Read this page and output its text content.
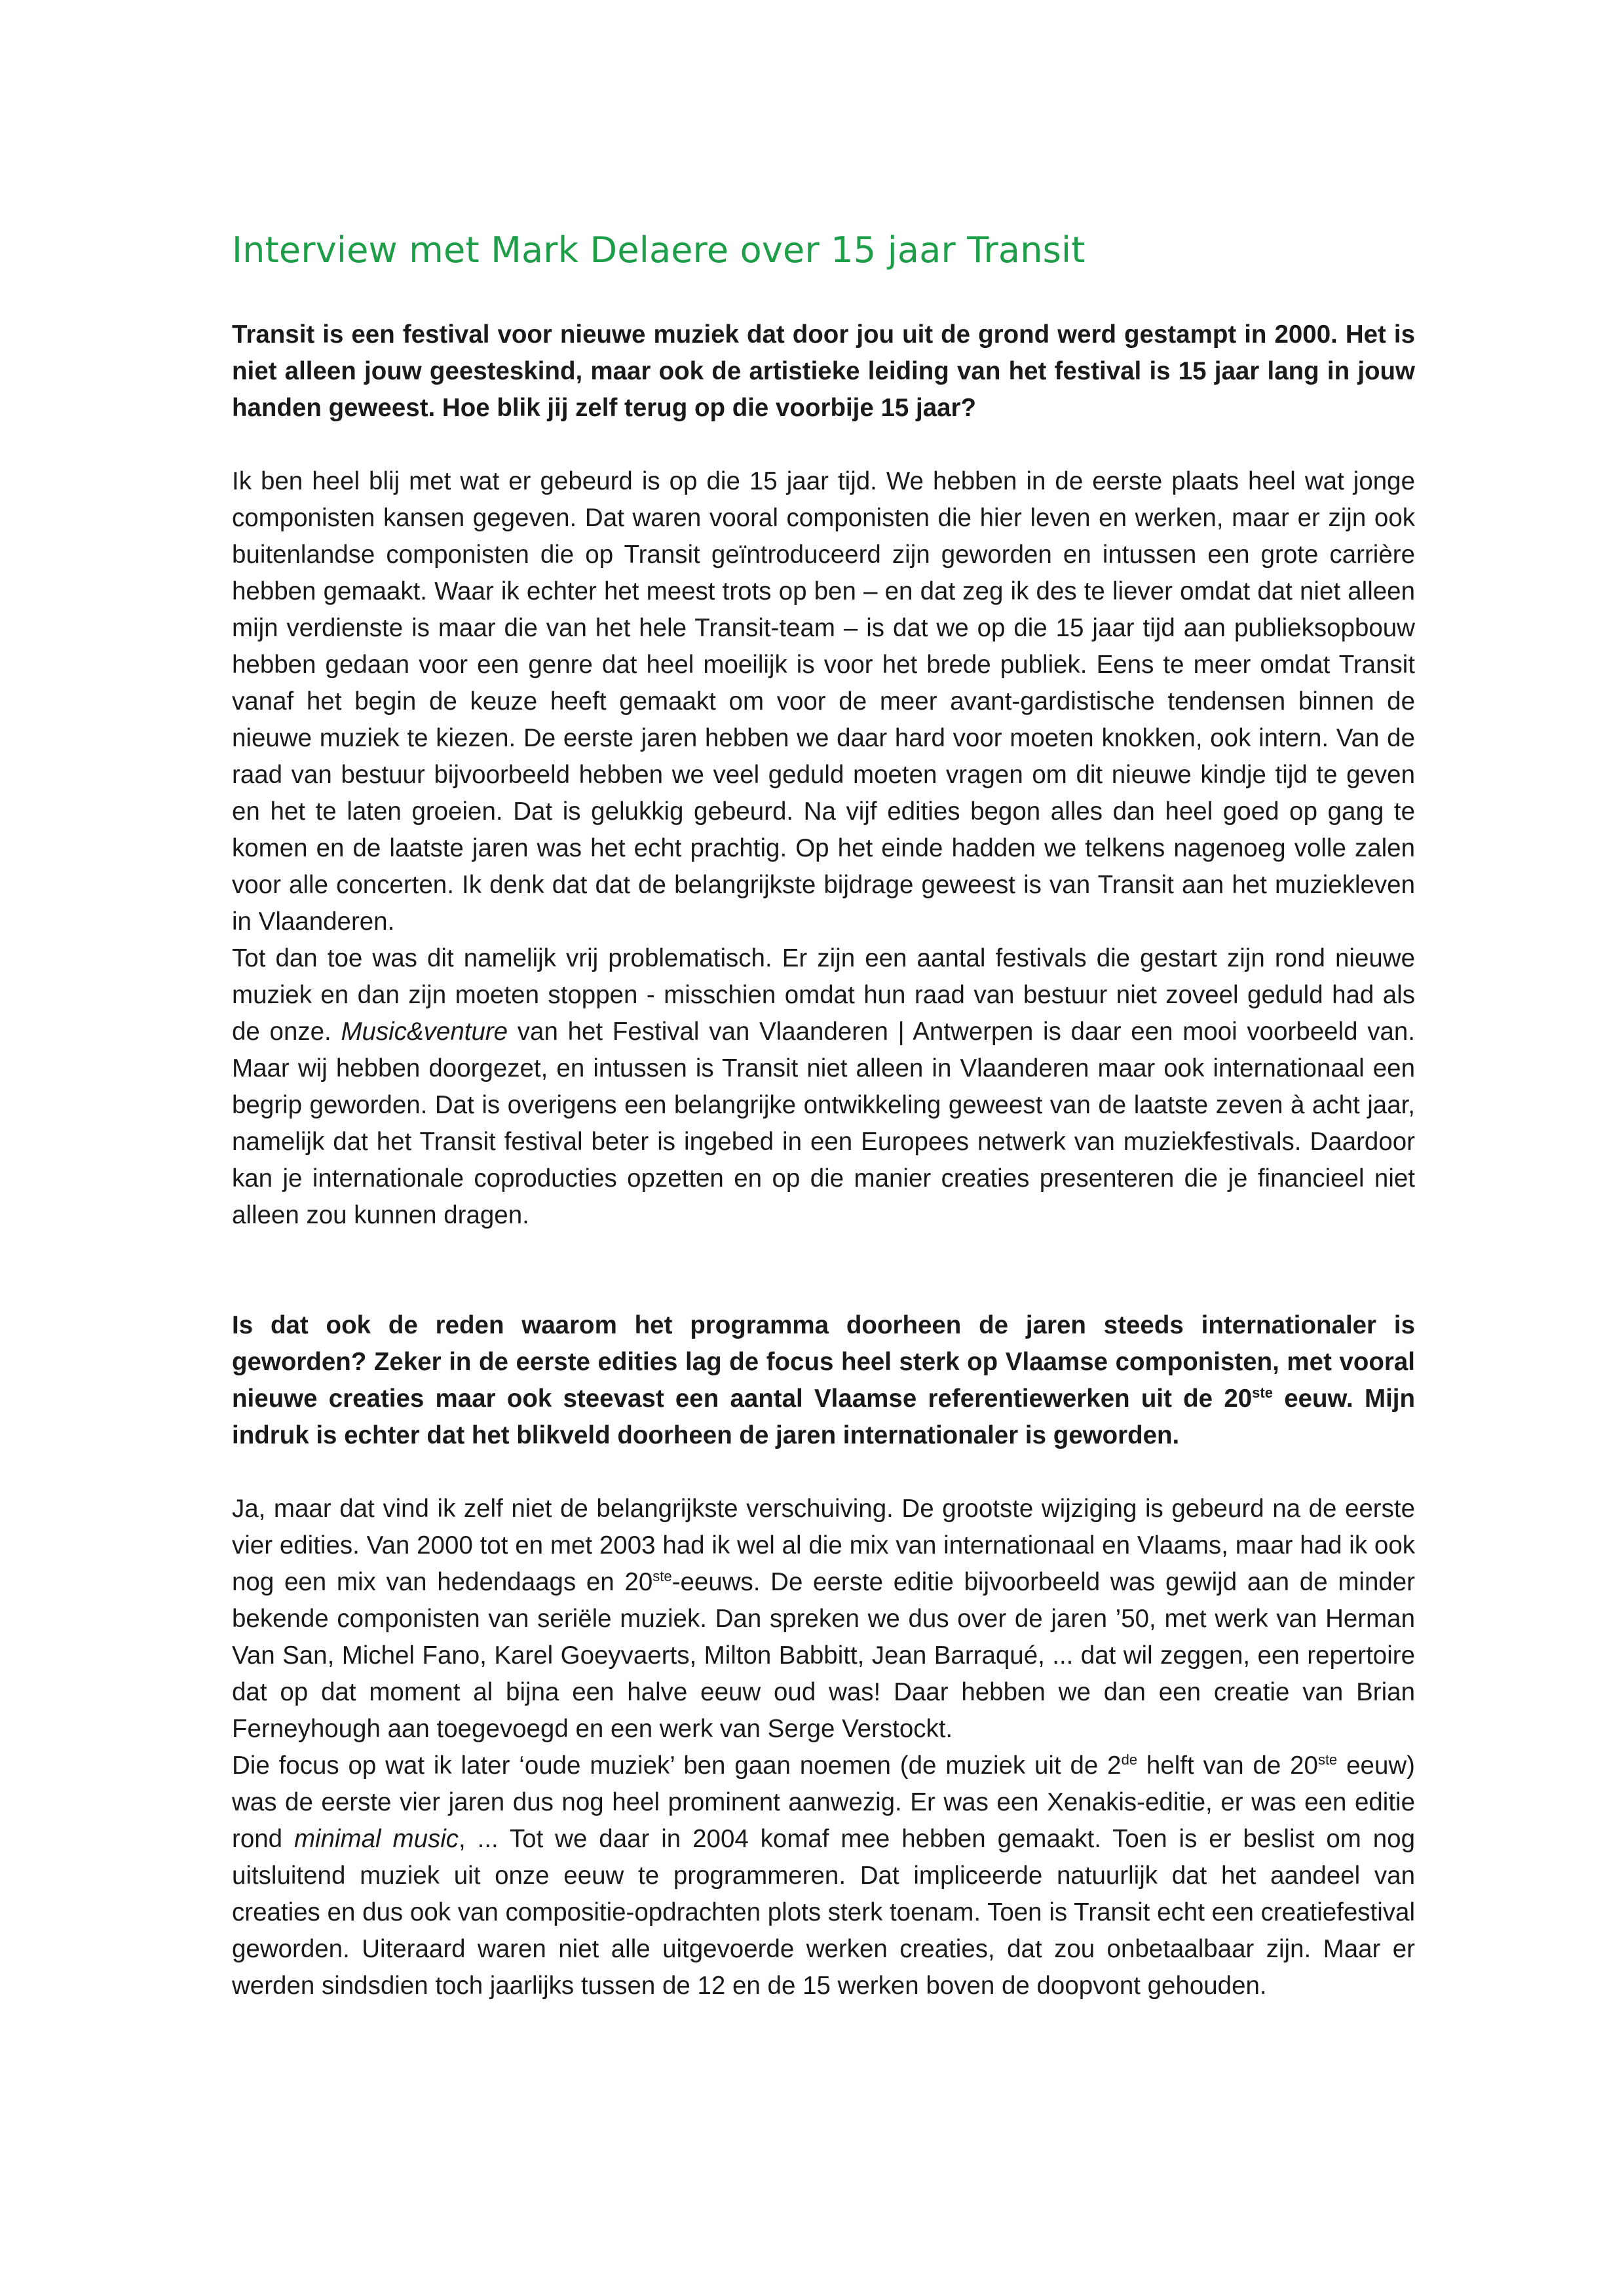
Interview met Mark Delaere over 15 jaar Transit

Transit is een festival voor nieuwe muziek dat door jou uit de grond werd gestampt in 2000. Het is niet alleen jouw geesteskind, maar ook de artistieke leiding van het festival is 15 jaar lang in jouw handen geweest. Hoe blik jij zelf terug op die voorbije 15 jaar?

Ik ben heel blij met wat er gebeurd is op die 15 jaar tijd. We hebben in de eerste plaats heel wat jonge componisten kansen gegeven. Dat waren vooral componisten die hier leven en werken, maar er zijn ook buitenlandse componisten die op Transit geïntroduceerd zijn geworden en intussen een grote carrière hebben gemaakt. Waar ik echter het meest trots op ben – en dat zeg ik des te liever omdat dat niet alleen mijn verdienste is maar die van het hele Transit-team – is dat we op die 15 jaar tijd aan publieksopbouw hebben gedaan voor een genre dat heel moeilijk is voor het brede publiek. Eens te meer omdat Transit vanaf het begin de keuze heeft gemaakt om voor de meer avant-gardistische tendensen binnen de nieuwe muziek te kiezen. De eerste jaren hebben we daar hard voor moeten knokken, ook intern. Van de raad van bestuur bijvoorbeeld hebben we veel geduld moeten vragen om dit nieuwe kindje tijd te geven en het te laten groeien. Dat is gelukkig gebeurd. Na vijf edities begon alles dan heel goed op gang te komen en de laatste jaren was het echt prachtig. Op het einde hadden we telkens nagenoeg volle zalen voor alle concerten. Ik denk dat dat de belangrijkste bijdrage geweest is van Transit aan het muziekleven in Vlaanderen.

Tot dan toe was dit namelijk vrij problematisch. Er zijn een aantal festivals die gestart zijn rond nieuwe muziek en dan zijn moeten stoppen - misschien omdat hun raad van bestuur niet zoveel geduld had als de onze. Music&venture van het Festival van Vlaanderen | Antwerpen is daar een mooi voorbeeld van. Maar wij hebben doorgezet, en intussen is Transit niet alleen in Vlaanderen maar ook internationaal een begrip geworden. Dat is overigens een belangrijke ontwikkeling geweest van de laatste zeven à acht jaar, namelijk dat het Transit festival beter is ingebed in een Europees netwerk van muziekfestivals. Daardoor kan je internationale coproducties opzetten en op die manier creaties presenteren die je financieel niet alleen zou kunnen dragen.

Is dat ook de reden waarom het programma doorheen de jaren steeds internationaler is geworden? Zeker in de eerste edities lag de focus heel sterk op Vlaamse componisten, met vooral nieuwe creaties maar ook steevast een aantal Vlaamse referentiewerken uit de 20ste eeuw. Mijn indruk is echter dat het blikveld doorheen de jaren internationaler is geworden.

Ja, maar dat vind ik zelf niet de belangrijkste verschuiving. De grootste wijziging is gebeurd na de eerste vier edities. Van 2000 tot en met 2003 had ik wel al die mix van internationaal en Vlaams, maar had ik ook nog een mix van hedendaags en 20ste-eeuws. De eerste editie bijvoorbeeld was gewijd aan de minder bekende componisten van seriële muziek. Dan spreken we dus over de jaren ’50, met werk van Herman Van San, Michel Fano, Karel Goeyvaerts, Milton Babbitt, Jean Barraqué, ... dat wil zeggen, een repertoire dat op dat moment al bijna een halve eeuw oud was! Daar hebben we dan een creatie van Brian Ferneyhough aan toegevoegd en een werk van Serge Verstockt.

Die focus op wat ik later ‘oude muziek’ ben gaan noemen (de muziek uit de 2de helft van de 20ste eeuw) was de eerste vier jaren dus nog heel prominent aanwezig. Er was een Xenakis-editie, er was een editie rond minimal music, ... Tot we daar in 2004 komaf mee hebben gemaakt. Toen is er beslist om nog uitsluitend muziek uit onze eeuw te programmeren. Dat impliceerde natuurlijk dat het aandeel van creaties en dus ook van compositie-opdrachten plots sterk toenam. Toen is Transit echt een creatiefestival geworden. Uiteraard waren niet alle uitgevoerde werken creaties, dat zou onbetaalbaar zijn. Maar er werden sindsdien toch jaarlijks tussen de 12 en de 15 werken boven de doopvont gehouden.
